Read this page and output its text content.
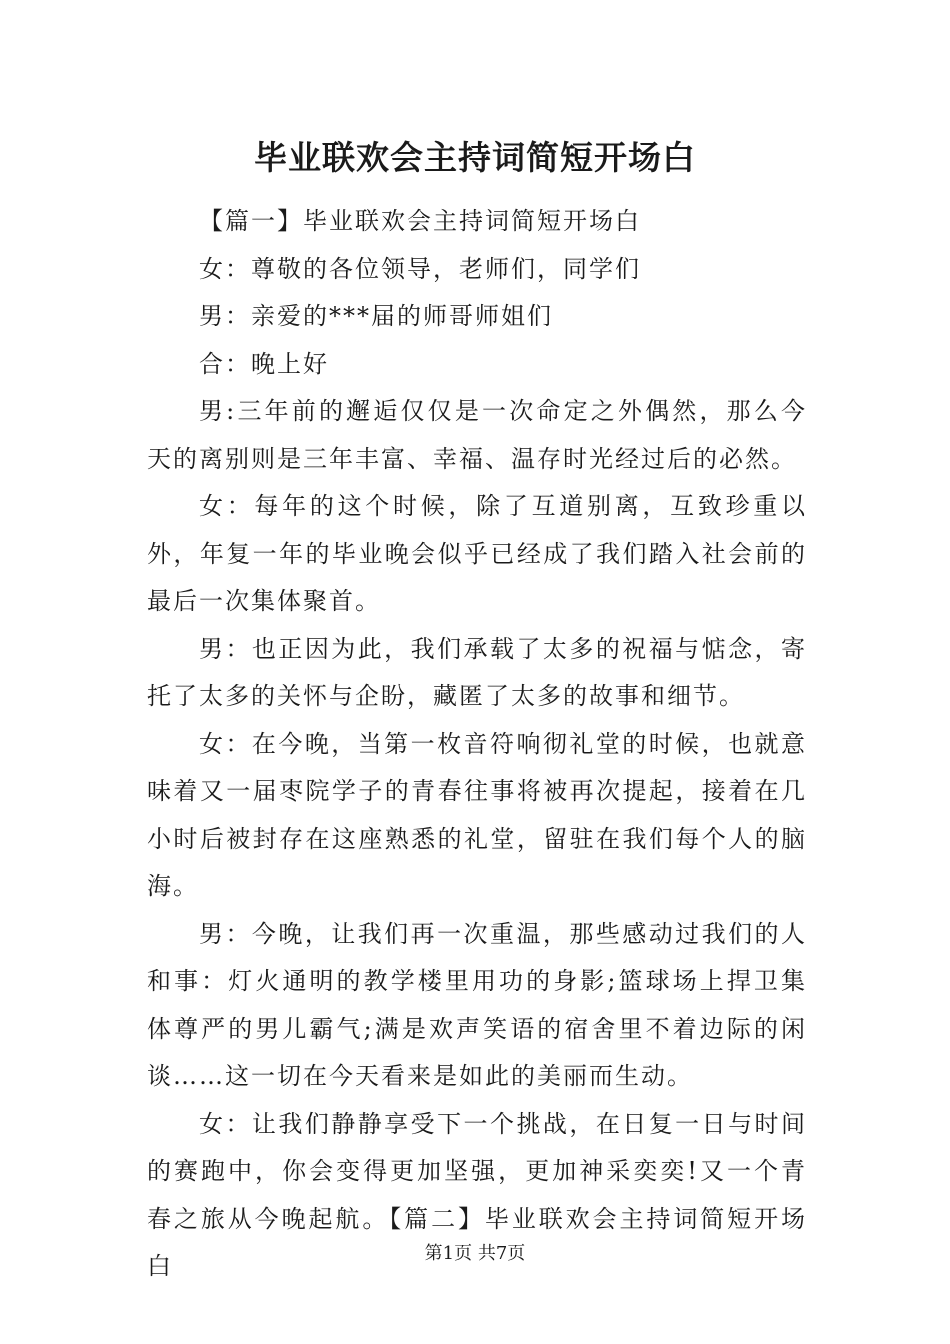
毕业联欢会主持词简短开场白

【篇一】毕业联欢会主持词简短开场白

女：尊敬的各位领导，老师们，同学们

男：亲爱的***届的师哥师姐们

合：晚上好

男:三年前的邂逅仅仅是一次命定之外偶然，那么今天的离别则是三年丰富、幸福、温存时光经过后的必然。

女：每年的这个时候，除了互道别离，互致珍重以外，年复一年的毕业晚会似乎已经成了我们踏入社会前的最后一次集体聚首。

男：也正因为此，我们承载了太多的祝福与惦念，寄托了太多的关怀与企盼，藏匿了太多的故事和细节。

女：在今晚，当第一枚音符响彻礼堂的时候，也就意味着又一届枣院学子的青春往事将被再次提起，接着在几小时后被封存在这座熟悉的礼堂，留驻在我们每个人的脑海。

男：今晚，让我们再一次重温，那些感动过我们的人和事：灯火通明的教学楼里用功的身影;篮球场上捍卫集体尊严的男儿霸气;满是欢声笑语的宿舍里不着边际的闲谈……这一切在今天看来是如此的美丽而生动。

女：让我们静静享受下一个挑战，在日复一日与时间的赛跑中，你会变得更加坚强，更加神采奕奕!又一个青春之旅从今晚起航。【篇二】毕业联欢会主持词简短开场白	第1页 共7页
